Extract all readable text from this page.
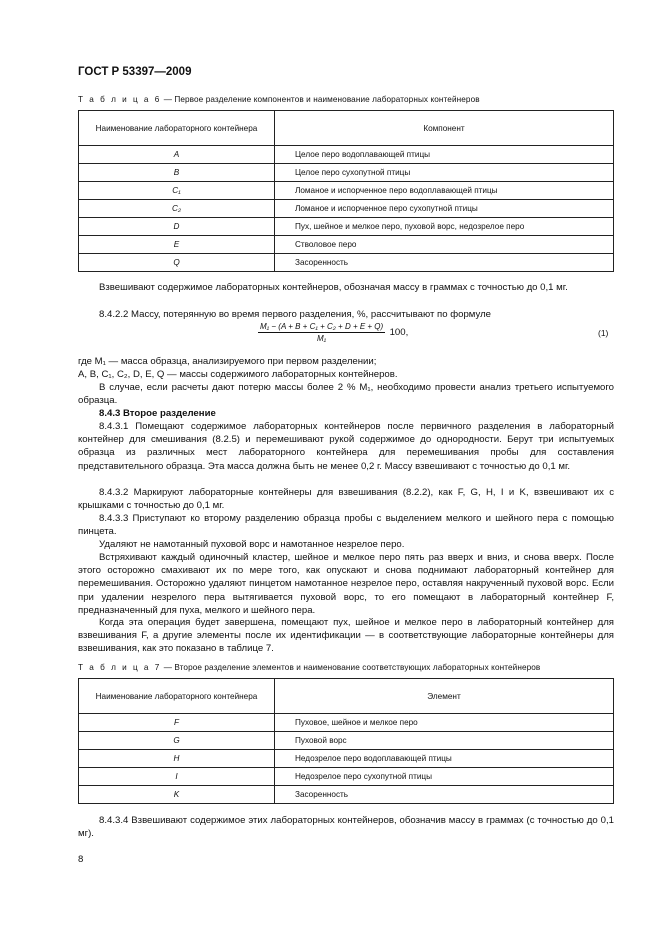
ГОСТ Р 53397—2009
Т а б л и ц а 6 — Первое разделение компонентов и наименование лабораторных контейнеров
Наименование лабораторного контейнера	Компонент
A	Целое перо водоплавающей птицы
B	Целое перо сухопутной птицы
C₁	Ломаное и испорченное перо водоплавающей птицы
C₂	Ломаное и испорченное перо сухопутной птицы
D	Пух, шейное и мелкое перо, пуховой ворс, недозрелое перо
E	Стволовое перо
Q	Засоренность
Взвешивают содержимое лабораторных контейнеров, обозначая массу в граммах с точностью до 0,1 мг.
8.4.2.2 Массу, потерянную во время первого разделения, %, рассчитывают по формуле
$\frac{\text{M₁ − (A + B + C₁ + C₂ + D + E + Q)}}{\text{M₁}} 100$,	(1)
где M₁ — масса образца, анализируемого при первом разделении;
A, B, C₁, C₂, D, E, Q — массы содержимого лабораторных контейнеров.
В случае, если расчеты дают потерю массы более 2 % M₁, необходимо провести анализ третьего испытуемого образца.
8.4.3 Второе разделение
8.4.3.1 Помещают содержимое лабораторных контейнеров после первичного разделения в лабораторный контейнер для смешивания (8.2.5) и перемешивают рукой содержимое до однородности. Берут три испытуемых образца из различных мест лабораторного контейнера для перемешивания пробы для составления представительного образца. Эта масса должна быть не менее 0,2 г. Массу взвешивают с точностью до 0,1 мг.
8.4.3.2 Маркируют лабораторные контейнеры для взвешивания (8.2.2), как F, G, H, I и K, взвешивают их с крышками с точностью до 0,1 мг.
8.4.3.3 Приступают ко второму разделению образца пробы с выделением мелкого и шейного пера с помощью пинцета.
Удаляют не намотанный пуховой ворс и намотанное незрелое перо.
Встряхивают каждый одиночный кластер, шейное и мелкое перо пять раз вверх и вниз, и снова вверх. После этого осторожно смахивают их по мере того, как опускают и снова поднимают лабораторный контейнер для перемешивания. Осторожно удаляют пинцетом намотанное незрелое перо, оставляя накрученный пуховой ворс. Если при удалении незрелого пера вытягивается пуховой ворс, то его помещают в лабораторный контейнер F, предназначенный для пуха, мелкого и шейного пера.
Когда эта операция будет завершена, помещают пух, шейное и мелкое перо в лабораторный контейнер для взвешивания F, а другие элементы после их идентификации — в соответствующие лабораторные контейнеры для взвешивания, как это показано в таблице 7.
Т а б л и ц а 7 — Второе разделение элементов и наименование соответствующих лабораторных контейнеров
Наименование лабораторного контейнера	Элемент
F	Пуховое, шейное и мелкое перо
G	Пуховой ворс
H	Недозрелое перо водоплавающей птицы
I	Недозрелое перо сухопутной птицы
K	Засоренность
8.4.3.4 Взвешивают содержимое этих лабораторных контейнеров, обозначив массу в граммах (с точностью до 0,1 мг).
8
